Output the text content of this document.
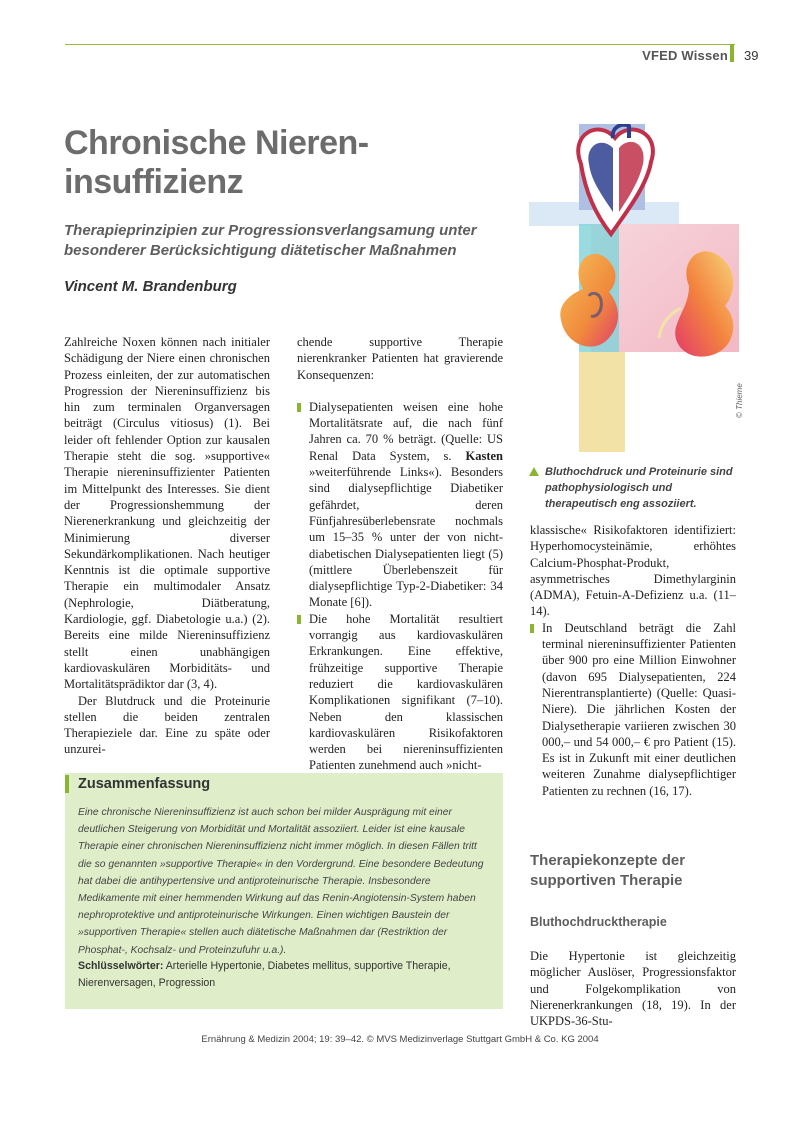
VFED Wissen 39
Chronische Nieren-
insuffizienz

Therapieprinzipien zur Progressionsverlangsamung unter besonderer Berücksichtigung diätetischer Maßnahmen

Vincent M. Brandenburg

Zahlreiche Noxen können nach initialer Schädigung der Niere einen chronischen Prozess einleiten, der zur automatischen Progression der Niereninsuffizienz bis hin zum terminalen Organversagen beiträgt (Circulus vitiosus) (1). Bei leider oft fehlender Option zur kausalen Therapie steht die sog. »supportive« Therapie niereninsuffizienter Patienten im Mittelpunkt des Interesses. Sie dient der Progressionshemmung der Nierenerkrankung und gleichzeitig der Minimierung diverser Sekundärkomplikationen. Nach heutiger Kenntnis ist die optimale supportive Therapie ein multimodaler Ansatz (Nephrologie, Diätberatung, Kardiologie, ggf. Diabetologie u.a.) (2). Bereits eine milde Niereninsuffizienz stellt einen unabhängigen kardiovaskulären Morbiditäts- und Mortalitätsprädiktor dar (3, 4).

Der Blutdruck und die Proteinurie stellen die beiden zentralen Therapieziele dar. Eine zu späte oder unzurei-

chende supportive Therapie nierenkranker Patienten hat gravierende Konsequenzen:

Dialysepatienten weisen eine hohe Mortalitätsrate auf, die nach fünf Jahren ca. 70 % beträgt. (Quelle: US Renal Data System, s. Kasten »weiterführende Links«). Besonders sind dialysepflichtige Diabetiker gefährdet, deren Fünfjahresüberlebensrate nochmals um 15–35 % unter der von nicht-diabetischen Dialysepatienten liegt (5) (mittlere Überlebenszeit für dialysepflichtige Typ-2-Diabetiker: 34 Monate [6]).

Die hohe Mortalität resultiert vorrangig aus kardiovaskulären Erkrankungen. Eine effektive, frühzeitige supportive Therapie reduziert die kardiovaskulären Komplikationen signifikant (7–10). Neben den klassischen kardiovaskulären Risikofaktoren werden bei niereninsuffizienten Patienten zunehmend auch »nicht-

© Thieme
Bluthochdruck und Proteinurie sind pathophysiologisch und therapeutisch eng assoziiert.

klassische« Risikofaktoren identifiziert: Hyperhomocysteinämie, erhöhtes Calcium-Phosphat-Produkt, asymmetrisches Dimethylarginin (ADMA), Fetuin-A-Defizienz u.a. (11–14).

In Deutschland beträgt die Zahl terminal niereninsuffizienter Patienten über 900 pro eine Million Einwohner (davon 695 Dialysepatienten, 224 Nierentransplantierte) (Quelle: Quasi-Niere). Die jährlichen Kosten der Dialysetherapie variieren zwischen 30 000,– und 54 000,– € pro Patient (15). Es ist in Zukunft mit einer deutlichen weiteren Zunahme dialysepflichtiger Patienten zu rechnen (16, 17).

Therapiekonzepte der supportiven Therapie
Bluthochdrucktherapie

Die Hypertonie ist gleichzeitig möglicher Auslöser, Progressionsfaktor und Folgekomplikation von Nierenerkrankungen (18, 19). In der UKPDS-36-Stu-

Zusammenfassung
Eine chronische Niereninsuffizienz ist auch schon bei milder Ausprägung mit einer deutlichen Steigerung von Morbidität und Mortalität assoziiert. Leider ist eine kausale Therapie einer chronischen Niereninsuffizienz nicht immer möglich. In diesen Fällen tritt die so genannten »supportive Therapie« in den Vordergrund. Eine besondere Bedeutung hat dabei die antihypertensive und antiproteinurische Therapie. Insbesondere Medikamente mit einer hemmenden Wirkung auf das Renin-Angiotensin-System haben nephroprotektive und antiproteinurische Wirkungen. Einen wichtigen Baustein der »supportiven Therapie« stellen auch diätetische Maßnahmen dar (Restriktion der Phosphat-, Kochsalz- und Proteinzufuhr u.a.).
Schlüsselwörter: Arterielle Hypertonie, Diabetes mellitus, supportive Therapie, Nierenversagen, Progression
Ernährung & Medizin 2004; 19: 39–42. © MVS Medizinverlage Stuttgart GmbH & Co. KG 2004
